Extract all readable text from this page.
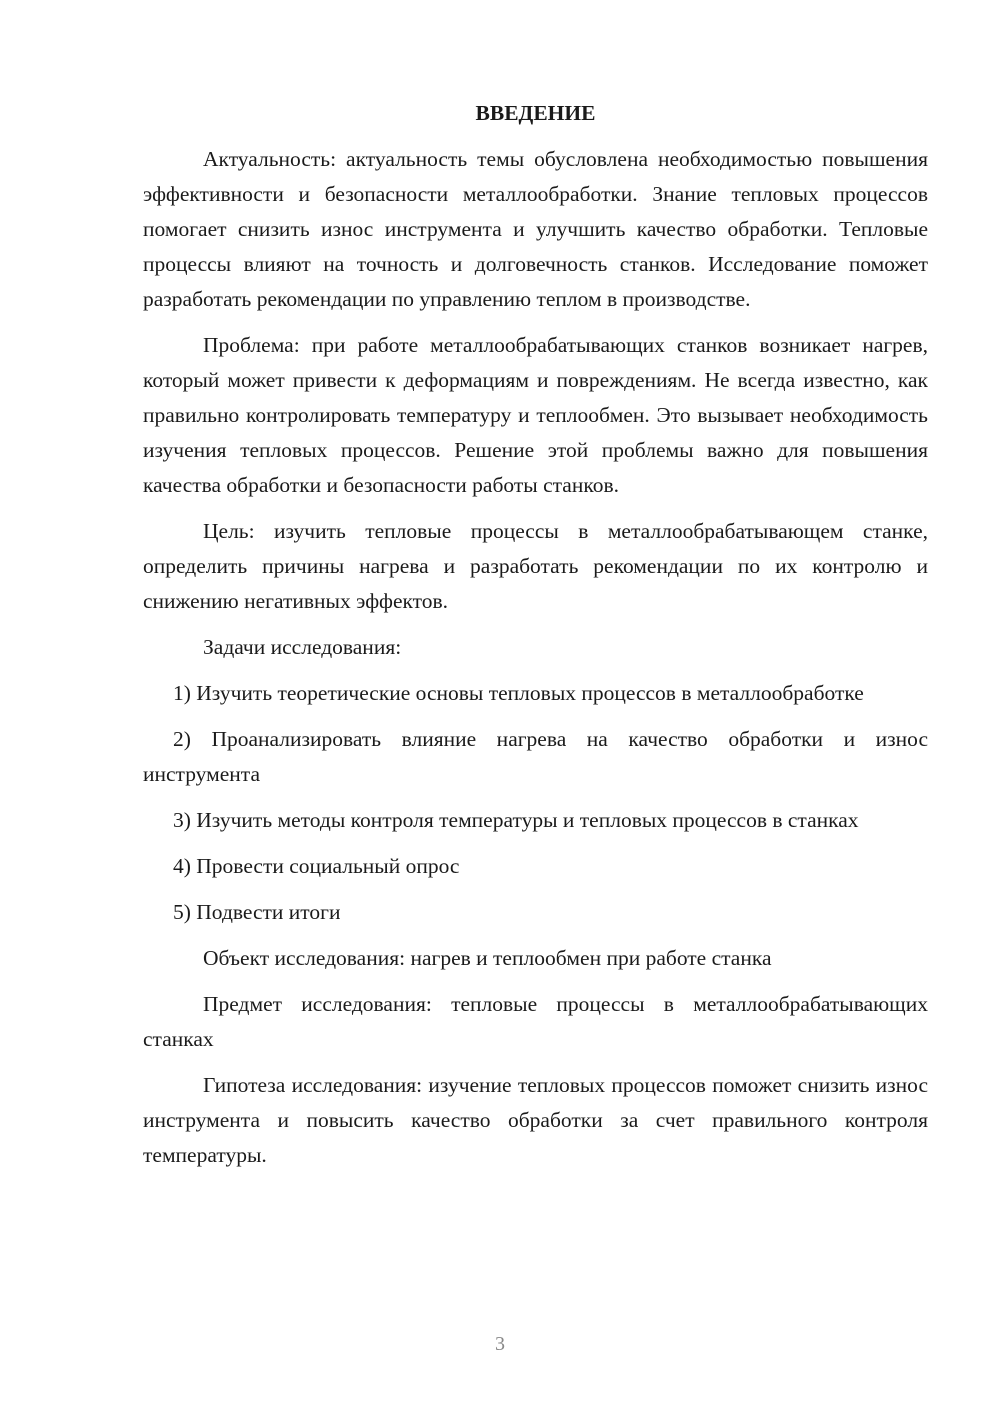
ВВЕДЕНИЕ

Актуальность: актуальность темы обусловлена необходимостью повышения эффективности и безопасности металлообработки. Знание тепловых процессов помогает снизить износ инструмента и улучшить качество обработки. Тепловые процессы влияют на точность и долговечность станков. Исследование поможет разработать рекомендации по управлению теплом в производстве.

Проблема: при работе металлообрабатывающих станков возникает нагрев, который может привести к деформациям и повреждениям. Не всегда известно, как правильно контролировать температуру и теплообмен. Это вызывает необходимость изучения тепловых процессов. Решение этой проблемы важно для повышения качества обработки и безопасности работы станков.

Цель: изучить тепловые процессы в металлообрабатывающем станке, определить причины нагрева и разработать рекомендации по их контролю и снижению негативных эффектов.

Задачи исследования:

1) Изучить теоретические основы тепловых процессов в металлообработке

2) Проанализировать влияние нагрева на качество обработки и износ инструмента

3) Изучить методы контроля температуры и тепловых процессов в станках

4) Провести социальный опрос

5) Подвести итоги

Объект исследования: нагрев и теплообмен при работе станка

Предмет исследования: тепловые процессы в металлообрабатывающих станках

Гипотеза исследования: изучение тепловых процессов поможет снизить износ инструмента и повысить качество обработки за счет правильного контроля температуры.

3
